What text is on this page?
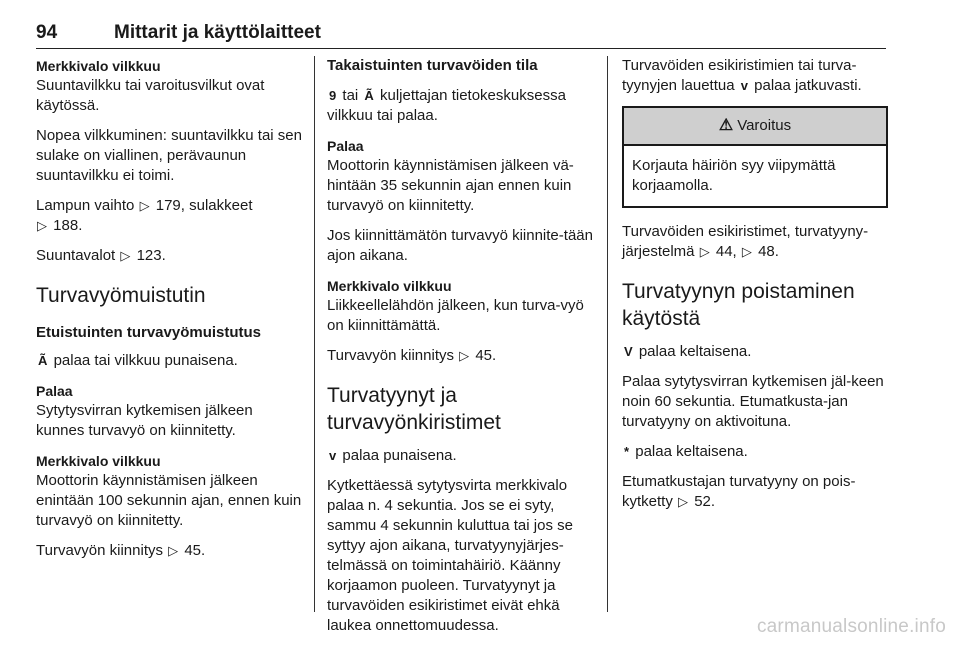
94	Mittarit ja käyttölaitteet
Merkkivalo vilkkuu

Suuntavilkku tai varoitusvilkut ovat käytössä.

Nopea vilkkuminen: suuntavilkku tai sen sulake on viallinen, perävaunun suuntavilkku ei toimi.

Lampun vaihto ▷ 179, sulakkeet
▷ 188.

Suuntavalot ▷ 123.

Turvavyömuistutin
Etuistuinten turvavyömuistutus

Ã palaa tai vilkkuu punaisena.

Palaa

Sytytysvirran kytkemisen jälkeen kunnes turvavyö on kiinnitetty.

Merkkivalo vilkkuu

Moottorin käynnistämisen jälkeen enintään 100 sekunnin ajan, ennen kuin turvavyö on kiinnitetty.

Turvavyön kiinnitys ▷ 45.

Takaistuinten turvavöiden tila

9 tai Ã kuljettajan tietokeskuksessa vilkkuu tai palaa.

Palaa

Moottorin käynnistämisen jälkeen vä-hintään 35 sekunnin ajan ennen kuin turvavyö on kiinnitetty.

Jos kiinnittämätön turvavyö kiinnite-tään ajon aikana.

Merkkivalo vilkkuu

Liikkeellelähdön jälkeen, kun turva-vyö on kiinnittämättä.

Turvavyön kiinnitys ▷ 45.

Turvatyynyt ja turvavyönkiristimet

v palaa punaisena.

Kytkettäessä sytytysvirta merkkivalo palaa n. 4 sekuntia. Jos se ei syty, sammu 4 sekunnin kuluttua tai jos se syttyy ajon aikana, turvatyynyjärjes-telmässä on toimintahäiriö. Käänny korjaamon puoleen. Turvatyynyt ja turvavöiden esikiristimet eivät ehkä laukea onnettomuudessa.

Turvavöiden esikiristimien tai turva-tyynyjen lauettua v palaa jatkuvasti.

⚠ Varoitus
Korjauta häiriön syy viipymättä korjaamolla.

Turvavöiden esikiristimet, turvatyyny-järjestelmä ▷ 44, ▷ 48.

Turvatyynyn poistaminen käytöstä

V palaa keltaisena.

Palaa sytytysvirran kytkemisen jäl-keen noin 60 sekuntia. Etumatkusta-jan turvatyyny on aktivoituna.

* palaa keltaisena.

Etumatkustajan turvatyyny on pois-kytketty ▷ 52.

carmanualsonline.info
